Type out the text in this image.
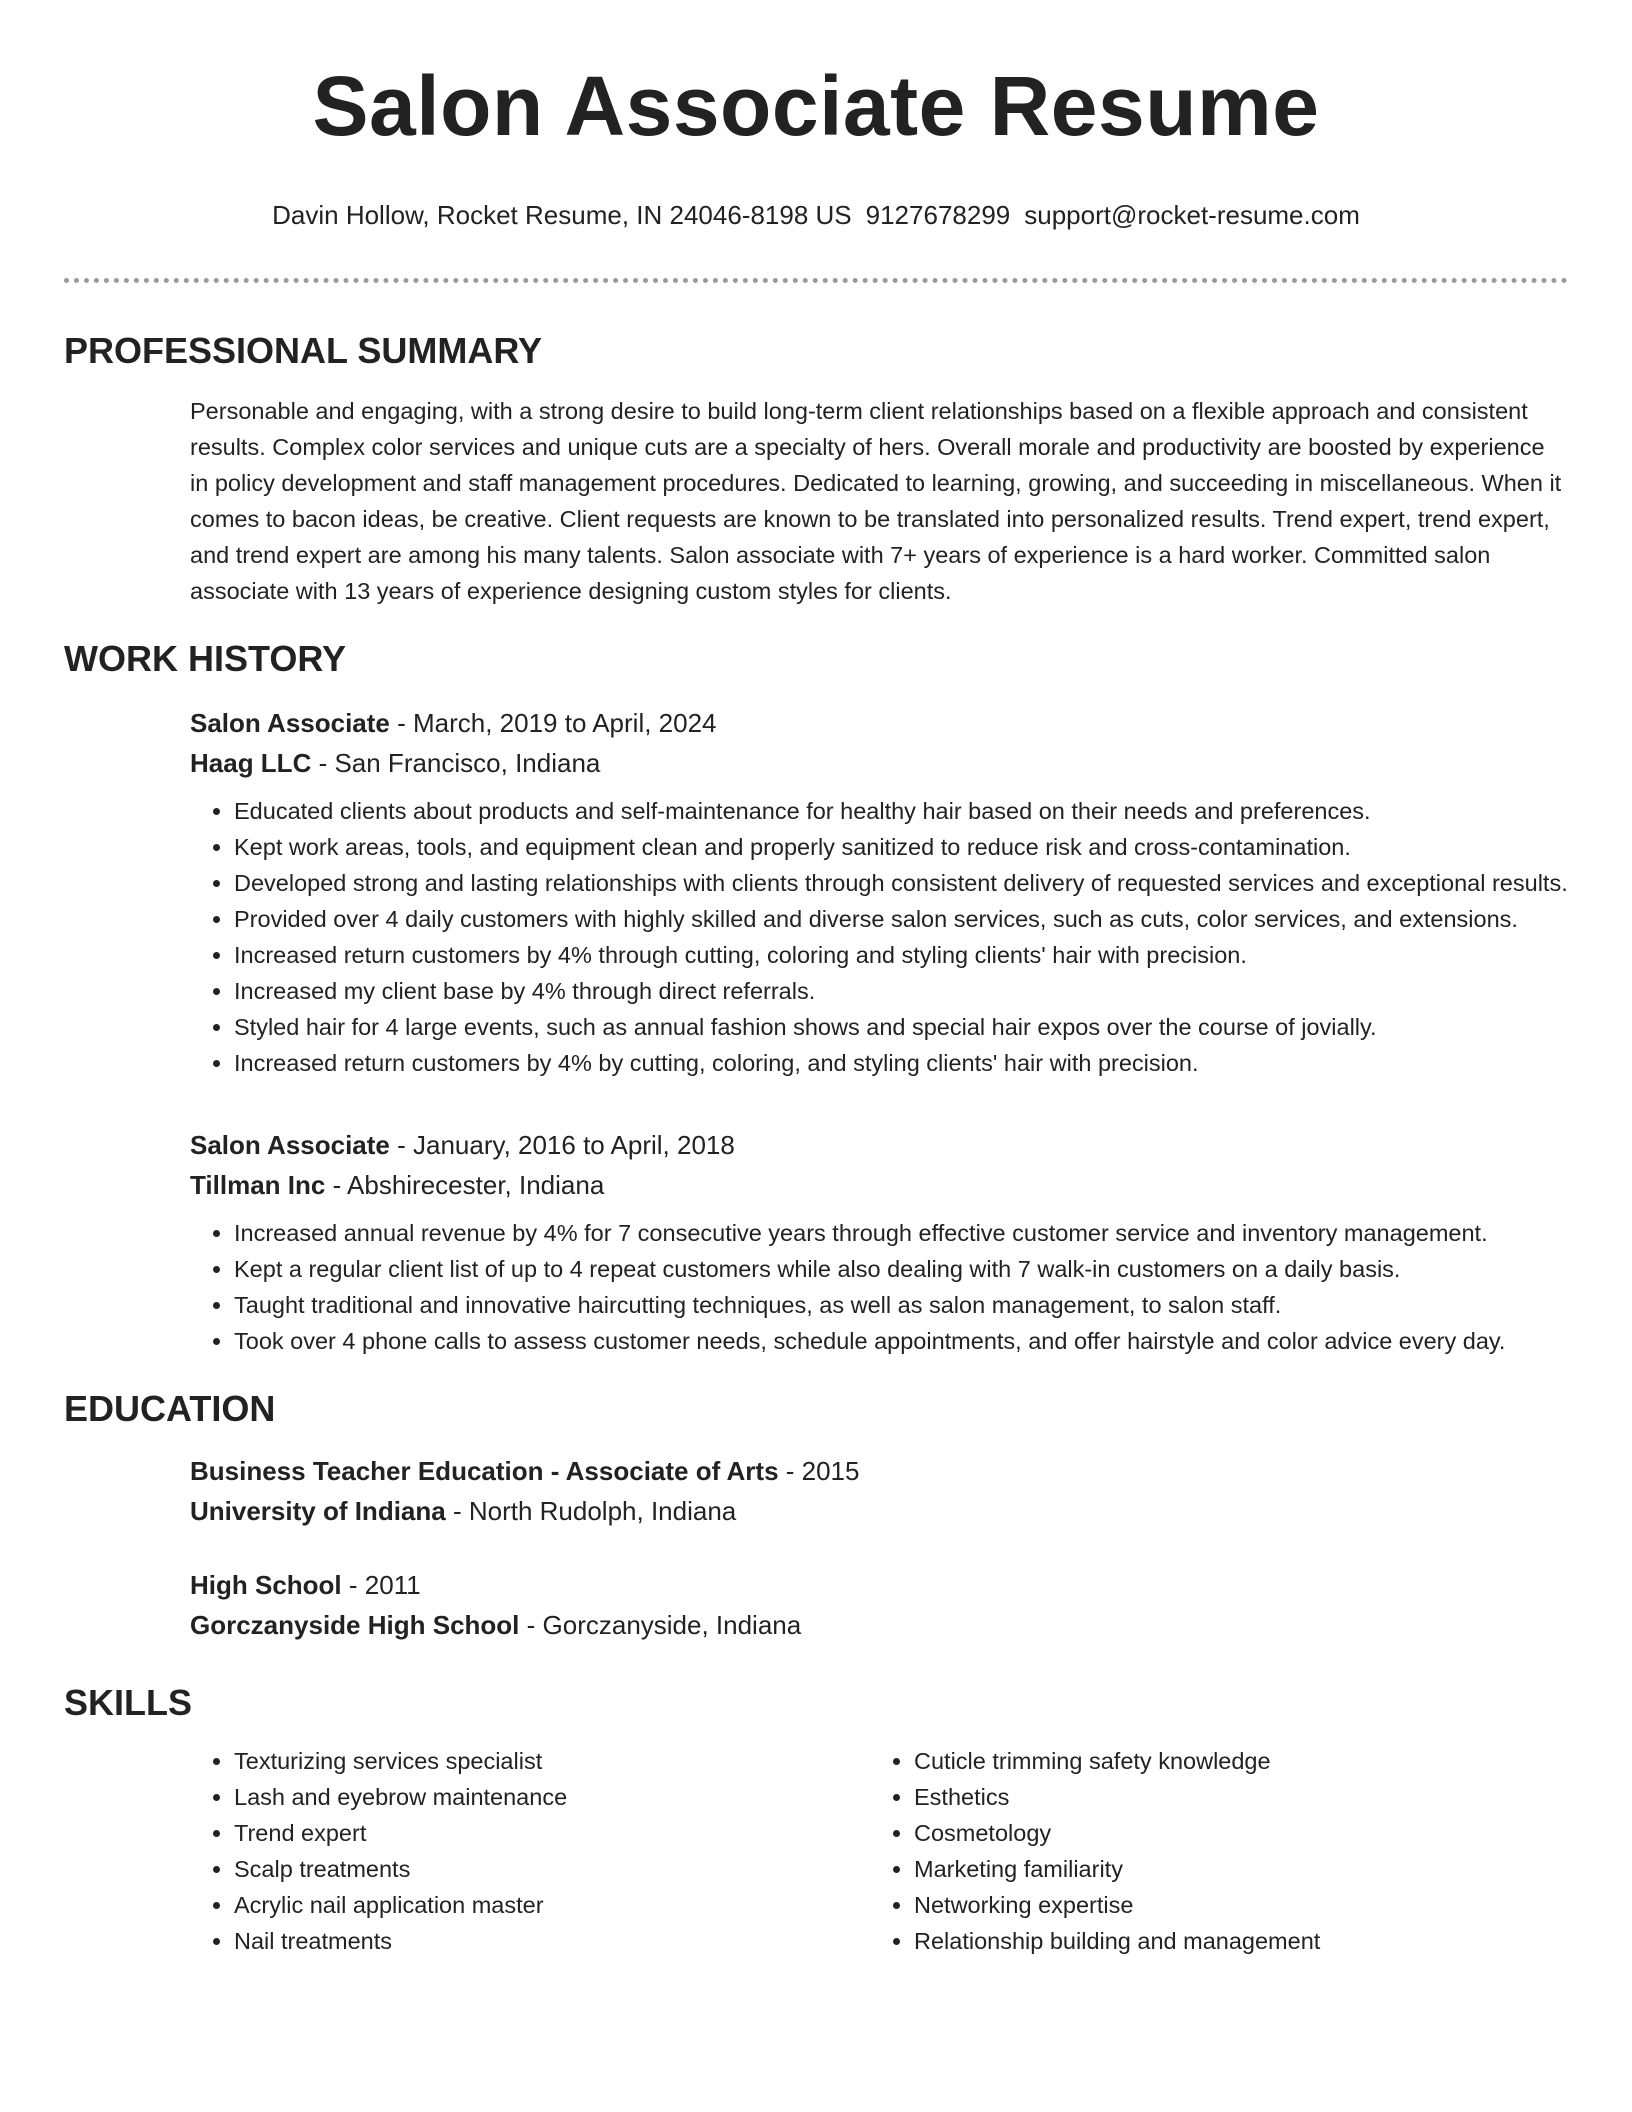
Salon Associate Resume
Davin Hollow, Rocket Resume, IN 24046-8198 US 9127678299 support@rocket-resume.com
PROFESSIONAL SUMMARY

Personable and engaging, with a strong desire to build long-term client relationships based on a flexible approach and consistent results. Complex color services and unique cuts are a specialty of hers. Overall morale and productivity are boosted by experience in policy development and staff management procedures. Dedicated to learning, growing, and succeeding in miscellaneous. When it comes to bacon ideas, be creative. Client requests are known to be translated into personalized results. Trend expert, trend expert, and trend expert are among his many talents. Salon associate with 7+ years of experience is a hard worker. Committed salon associate with 13 years of experience designing custom styles for clients.

WORK HISTORY
Salon Associate - March, 2019 to April, 2024
Haag LLC - San Francisco, Indiana
• Educated clients about products and self-maintenance for healthy hair based on their needs and preferences.
• Kept work areas, tools, and equipment clean and properly sanitized to reduce risk and cross-contamination.
• Developed strong and lasting relationships with clients through consistent delivery of requested services and exceptional results.
• Provided over 4 daily customers with highly skilled and diverse salon services, such as cuts, color services, and extensions.
• Increased return customers by 4% through cutting, coloring and styling clients' hair with precision.
• Increased my client base by 4% through direct referrals.
• Styled hair for 4 large events, such as annual fashion shows and special hair expos over the course of jovially.
• Increased return customers by 4% by cutting, coloring, and styling clients' hair with precision.
Salon Associate - January, 2016 to April, 2018
Tillman Inc - Abshirecester, Indiana
• Increased annual revenue by 4% for 7 consecutive years through effective customer service and inventory management.
• Kept a regular client list of up to 4 repeat customers while also dealing with 7 walk-in customers on a daily basis.
• Taught traditional and innovative haircutting techniques, as well as salon management, to salon staff.
• Took over 4 phone calls to assess customer needs, schedule appointments, and offer hairstyle and color advice every day.
EDUCATION
Business Teacher Education - Associate of Arts - 2015
University of Indiana - North Rudolph, Indiana
High School - 2011
Gorczanyside High School - Gorczanyside, Indiana
SKILLS
• Texturizing services specialist
• Lash and eyebrow maintenance
• Trend expert
• Scalp treatments
• Acrylic nail application master
• Nail treatments
• Cuticle trimming safety knowledge
• Esthetics
• Cosmetology
• Marketing familiarity
• Networking expertise
• Relationship building and management
